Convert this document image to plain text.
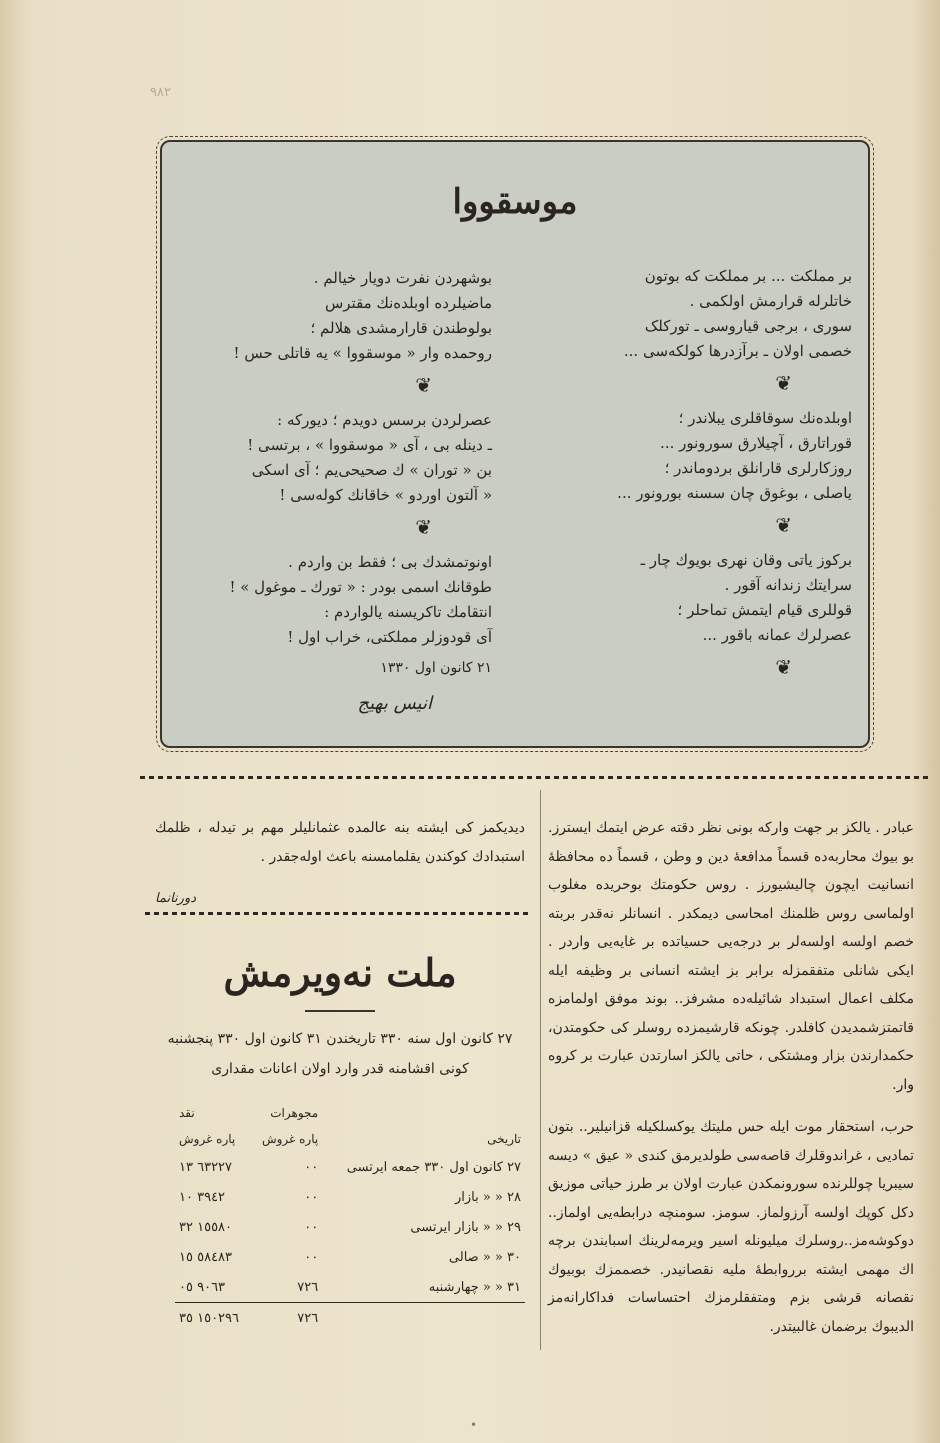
٩٨٢
موسقووا
بر مملکت ... بر مملکت که بوتون
خاتلرله قرارمش اولکمی .
سوری ، برجی قیاروسی ـ تورکلک
خصمی اولان ـ برآزدرها کولکه‌سی ...
❦
اوبلده‌نك سوقاقلری یبلاندر ؛
قوراتارق ، آچیلارق سورونور ...
روزکارلری قارانلق بردوماندر ؛
یاصلی ، بوغوق چان سسنه بورونور ...
❦
برکوز یاتی وقان نهری بویوك چار ـ
سرایتك زندانه آقور .
قوللری قیام ایتمش تماحلر ؛
عصرلرك عمانه باقور ...
❦
بوشهردن نفرت دویار خیالم .
ماضیلرده اوبلده‌نك مقترس
بولوطندن قارارمشدی هلالم ؛
روحمده وار « موسقووا » یه قاتلی حس !
❦
عصرلردن برسس دویدم ؛ دیورکه :
ـ دینله بی ، آی « موسقووا » ، برتسی !
بن « توران » ك صحیحی‌یم ؛ آی اسکی
« آلتون اوردو » خاقانك کوله‌سی !
❦
اونوتمشدك بی ؛ فقط بن واردم .
طوقانك اسمی بودر : « تورك ـ موغول » !
انتقامك تاکریسنه یالواردم :
آی قودوزلر مملکتی، خراب اول !
۲۱ کانون اول ۱۳۳۰
انیس بهیج

عبادر . یالکز بر جهت وارکه بونی نظر دقته عرض ایتمك ایسترز. بو بیوك محاربه‌ده قسماً مدافعهٔ دین و وطن ، قسماً ده محافظهٔ انسانیت ایچون چالیشیورز . روس حکومتك بوحریده مغلوب اولماسی روس ظلمنك امحاسی دیمکدر . انسانلر نه‌قدر بربته خصم اولسه اولسه‌لر بر درجه‌یی حسیاتده بر غایه‌یی واردر . ایکی شانلی متفقمزله برابر بز ایشته انسانی بر وظیفه ایله مکلف اعمال استبداد شائیله‌ده مشرفز.. بوند موفق اولمامزه قاتمتزشمدیدن کافلدر. چونکه قارشیمزده روسلر کی حکومتدن، حکمدارندن بزار ومشتکی ، حاتی یالکز اسارتدن عبارت بر کروه وار.

حرب، استحقار موت ایله حس ملیتك یوکسلکیله قزانیلیر.. بتون تمادیی ، غراندوقلرك قاصه‌سی طولدیرمق کندی « عیق » دیسه سیبریا چوللرنده سورونمکدن عبارت اولان بر طرز حیاتی موزیق دکل کوپك اولسه آرزولماز. سومز. سومنچه درابطه‌یی اولماز.. دوکوشه‌مز..روسلرك میلیونله اسیر ویرمه‌لرینك اسبابندن برچه‌ اك مهمی ایشته برروابطهٔ ملیه نقصانیدر. خصممزك بوبیوك نقصانه قرشی بزم ومتفقلرمزك احتساسات فداکارانه‌مز الدیبوك برضمان غالبیتدر.

دیدیکمز کی ایشته بنه عالمده عثمانلیلر مهم بر تیدله ، ظلمك استبدادك کوکندن یقلمامسنه باعث اوله‌جقدر .

دورنانما
ملت نه‌ویرمش
۲۷ کانون اول سنه ۳۳۰ تاریخندن ۳۱ کانون اول ۳۳۰ پنجشنبه کونی اقشامنه قدر وارد اولان اعانات مقداری
	مجوهرات	نقد
تاریخی	پاره غروش	پاره غروش
۲۷ کانون اول ۳۳۰ جمعه ایرتسی	۰۰	٦٣٢٢٧ ۱۳
۲۸ « « بازار	۰۰	٣٩٤٢ ۱۰
۲۹ « « بازار ایرتسی	۰۰	۱٥٥٨۰ ۳۲
۳۰ « « صالی	۰۰	٥٨٤٨٣ ۱٥
۳۱ « « چهارشنبه	۷۲٦	٩۰٦٣ ۰٥
	۷۲٦	۱٥۰٢٩٦ ۳٥
•
